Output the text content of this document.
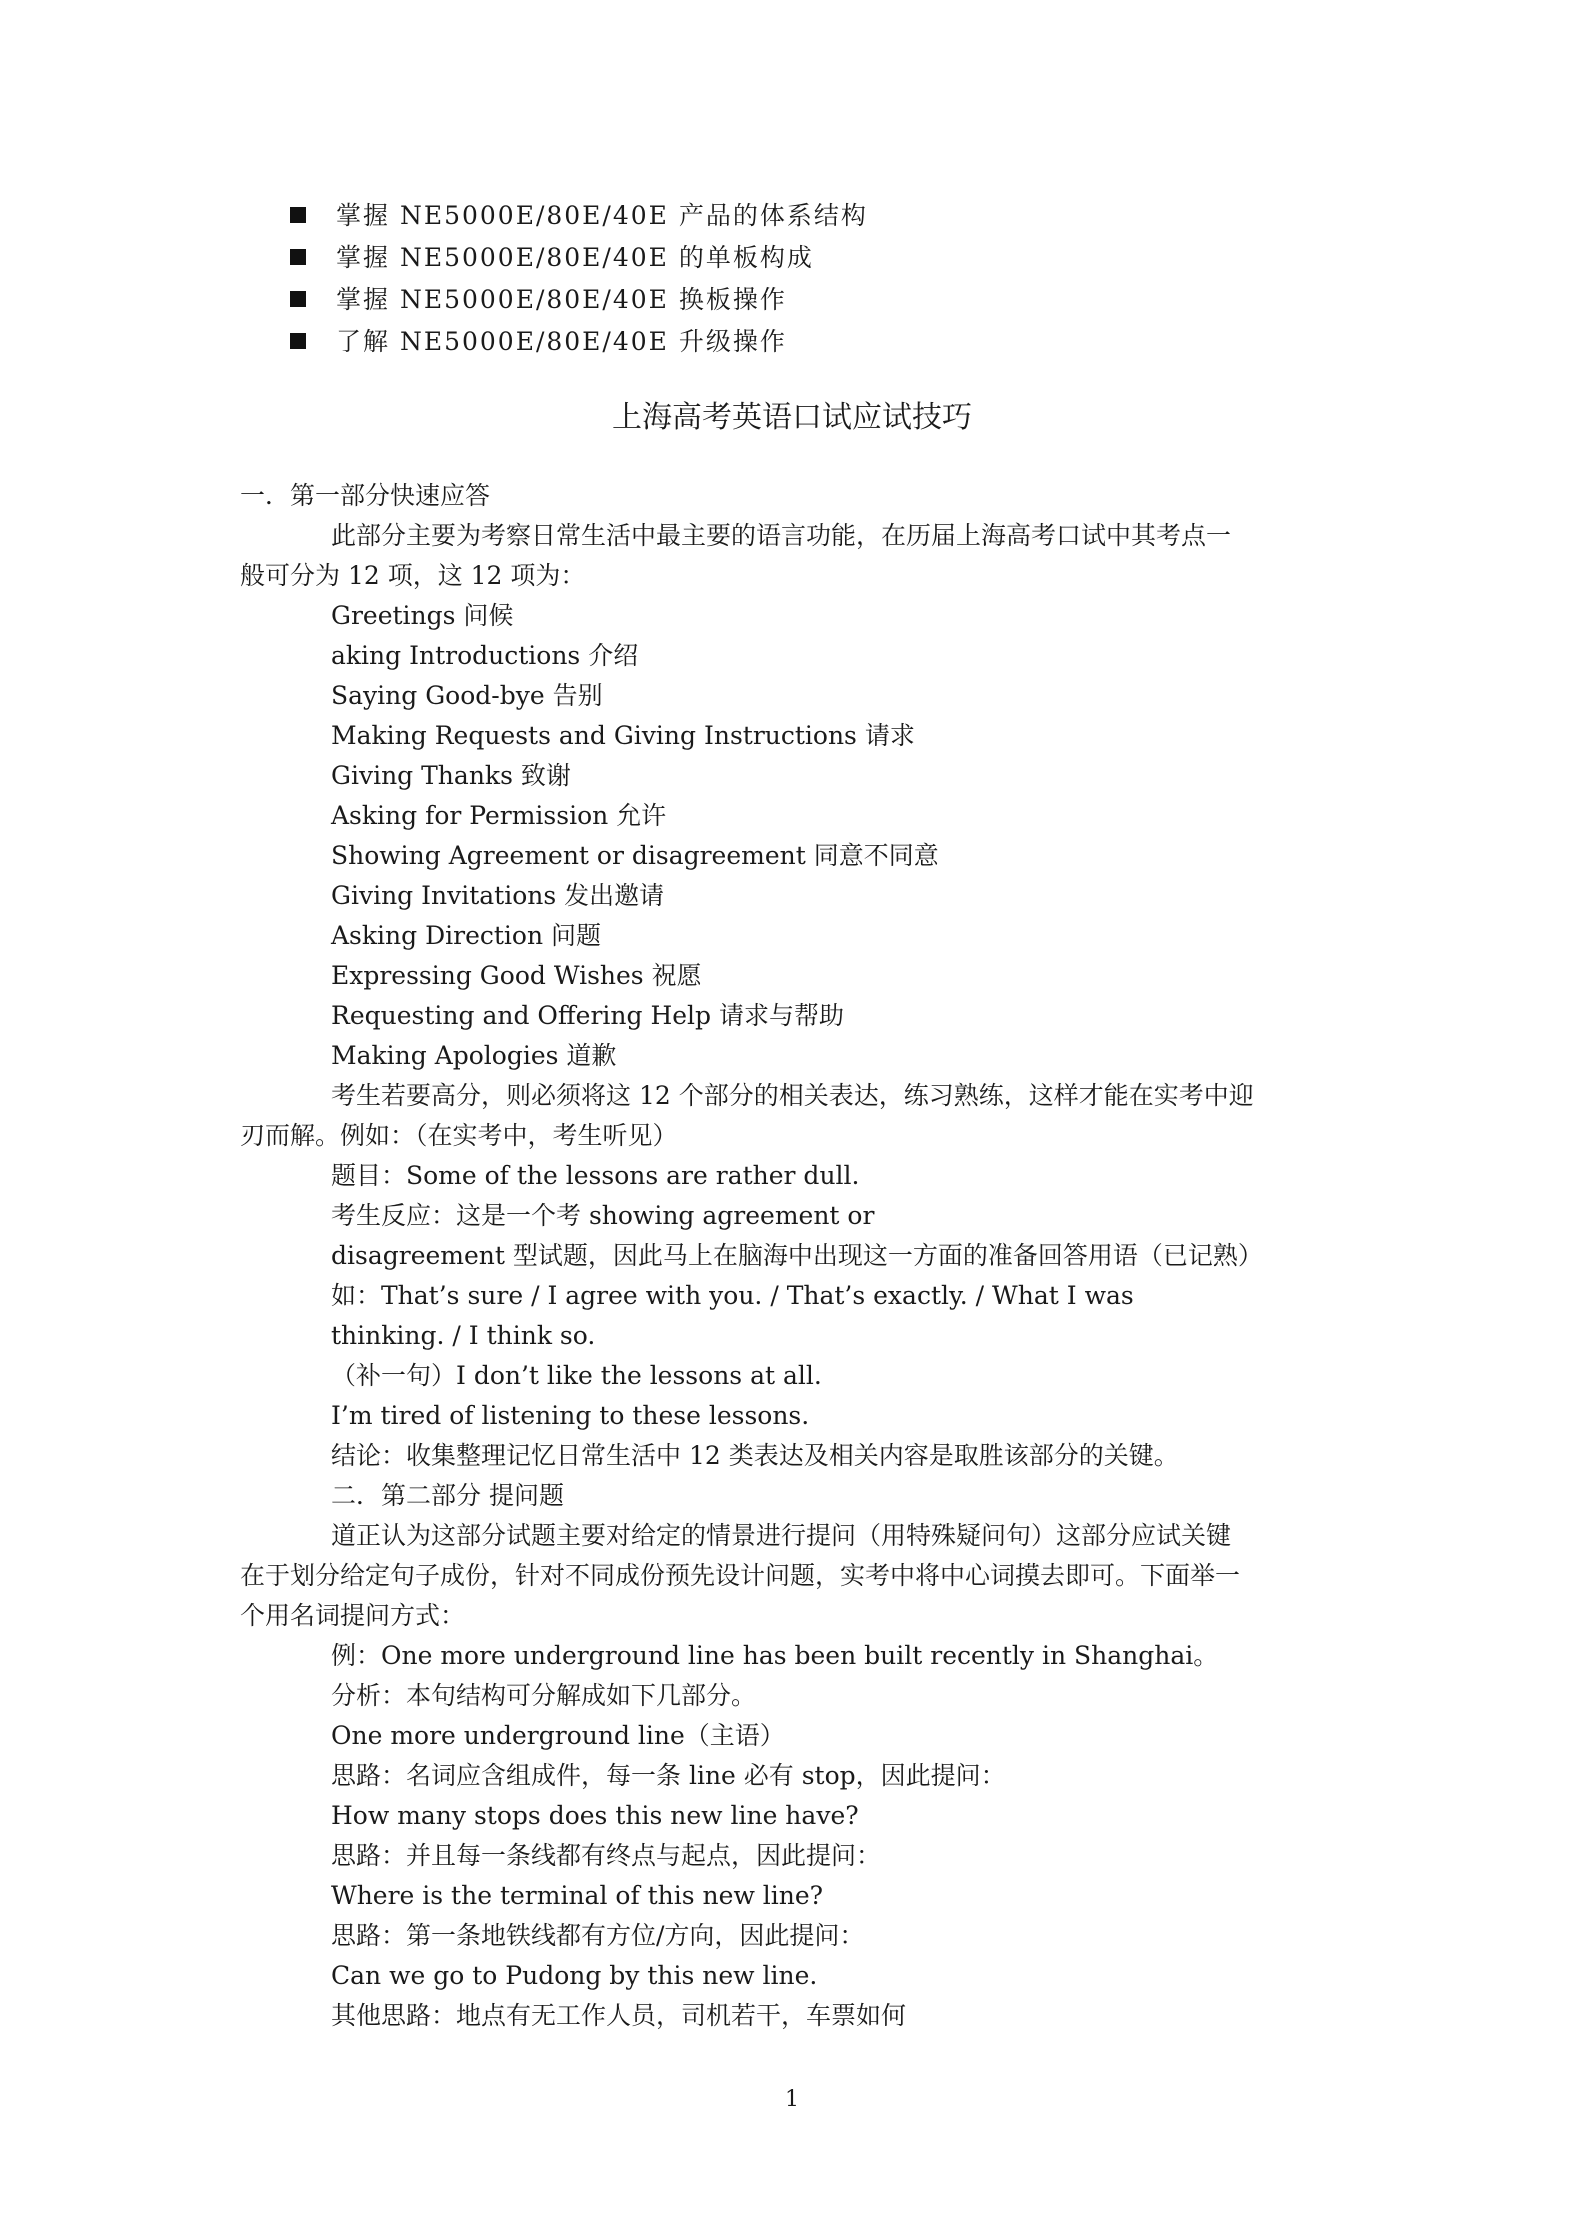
掌握 NE5000E/80E/40E 产品的体系结构
掌握 NE5000E/80E/40E 的单板构成
掌握 NE5000E/80E/40E 换板操作
了解 NE5000E/80E/40E 升级操作
上海高考英语口试应试技巧
一．第一部分快速应答
此部分主要为考察日常生活中最主要的语言功能，在历届上海高考口试中其考点一
般可分为 12 项，这 12 项为：
Greetings 问候
aking Introductions 介绍
Saying Good-bye 告别
Making Requests and Giving Instructions 请求
Giving Thanks 致谢
Asking for Permission 允许
Showing Agreement or disagreement 同意不同意
Giving Invitations 发出邀请
Asking Direction 问题
Expressing Good Wishes 祝愿
Requesting and Offering Help 请求与帮助
Making Apologies 道歉
考生若要高分，则必须将这 12 个部分的相关表达，练习熟练，这样才能在实考中迎
刃而解。例如：（在实考中，考生听见）
题目：Some of the lessons are rather dull.
考生反应：这是一个考 showing agreement or
disagreement 型试题，因此马上在脑海中出现这一方面的准备回答用语（已记熟）
如：That’s sure / I agree with you. / That’s exactly. / What I was
thinking. / I think so.
（补一句）I don’t like the lessons at all.
I’m tired of listening to these lessons.
结论：收集整理记忆日常生活中 12 类表达及相关内容是取胜该部分的关键。
二．第二部分 提问题
道正认为这部分试题主要对给定的情景进行提问（用特殊疑问句）这部分应试关键
在于划分给定句子成份，针对不同成份预先设计问题，实考中将中心词摸去即可。下面举一
个用名词提问方式：
例：One more underground line has been built recently in Shanghai。
分析：本句结构可分解成如下几部分。
One more underground line（主语）
思路：名词应含组成件，每一条 line 必有 stop，因此提问：
How many stops does this new line have?
思路：并且每一条线都有终点与起点，因此提问：
Where is the terminal of this new line?
思路：第一条地铁线都有方位/方向，因此提问：
Can we go to Pudong by this new line.
其他思路：地点有无工作人员，司机若干，车票如何
1
